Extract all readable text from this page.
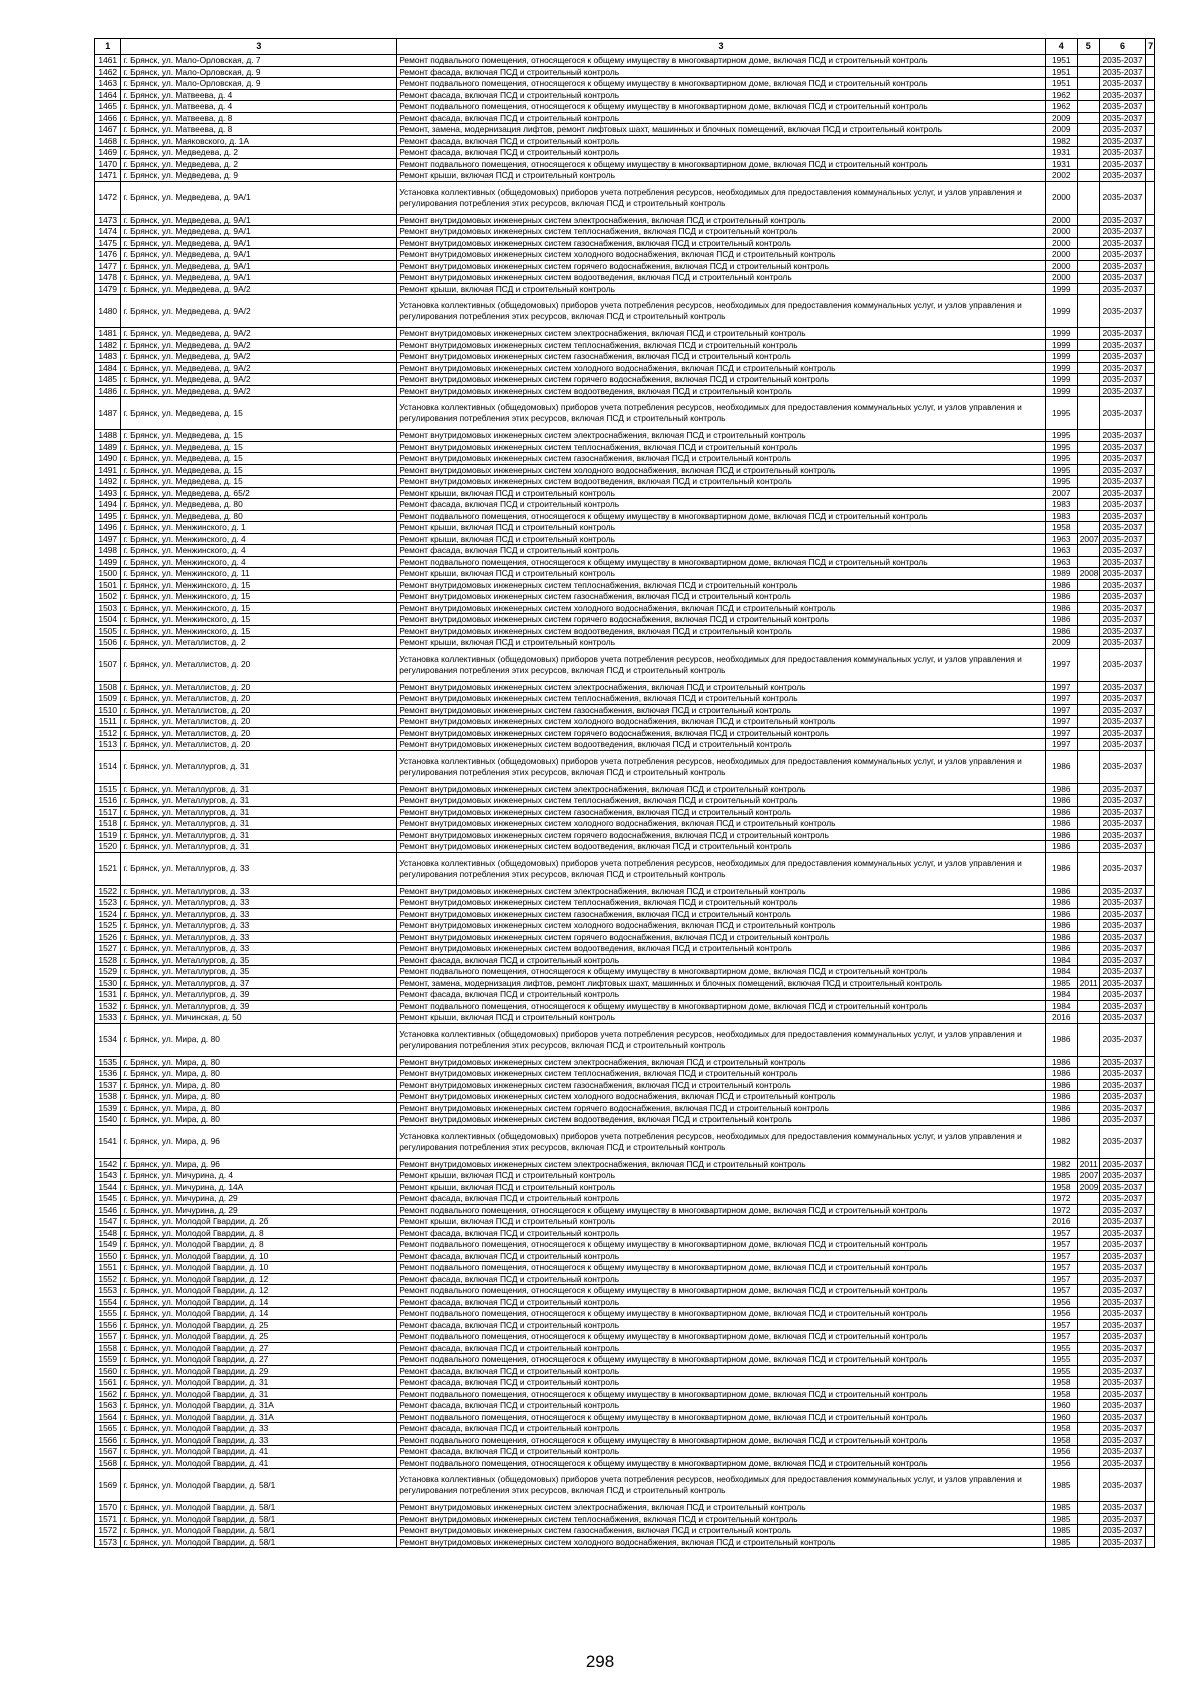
1	3	3	4	5	6	7
1461	г. Брянск, ул. Мало-Орловская, д. 7	Ремонт подвального помещения, относящегося к общему имуществу в многоквартирном доме, включая ПСД и строительный контроль	1951		2035-2037	
1462	г. Брянск, ул. Мало-Орловская, д. 9	Ремонт фасада, включая ПСД и строительный контроль	1951		2035-2037	
1463	г. Брянск, ул. Мало-Орловская, д. 9	Ремонт подвального помещения, относящегося к общему имуществу в многоквартирном доме, включая ПСД и строительный контроль	1951		2035-2037	
1464	г. Брянск, ул. Матвеева, д. 4	Ремонт фасада, включая ПСД и строительный контроль	1962		2035-2037	
1465	г. Брянск, ул. Матвеева, д. 4	Ремонт подвального помещения, относящегося к общему имуществу в многоквартирном доме, включая ПСД и строительный контроль	1962		2035-2037	
1466	г. Брянск, ул. Матвеева, д. 8	Ремонт фасада, включая ПСД и строительный контроль	2009		2035-2037	
1467	г. Брянск, ул. Матвеева, д. 8	Ремонт, замена, модернизация лифтов, ремонт лифтовых шахт, машинных и блочных помещений, включая ПСД и строительный контроль	2009		2035-2037	
1468	г. Брянск, ул. Маяковского, д. 1А	Ремонт фасада, включая ПСД и строительный контроль	1982		2035-2037	
1469	г. Брянск, ул. Медведева, д. 2	Ремонт фасада, включая ПСД и строительный контроль	1931		2035-2037	
1470	г. Брянск, ул. Медведева, д. 2	Ремонт подвального помещения, относящегося к общему имуществу в многоквартирном доме, включая ПСД и строительный контроль	1931		2035-2037	
1471	г. Брянск, ул. Медведева, д. 9	Ремонт крыши, включая ПСД и строительный контроль	2002		2035-2037	
1472	г. Брянск, ул. Медведева, д. 9А/1	Установка коллективных (общедомовых) приборов учета потребления ресурсов, необходимых для предоставления коммунальных услуг, и узлов управления и регулирования потребления этих ресурсов, включая ПСД и строительный контроль	2000		2035-2037	
1473	г. Брянск, ул. Медведева, д. 9А/1	Ремонт внутридомовых инженерных систем электроснабжения, включая ПСД и строительный контроль	2000		2035-2037	
1474	г. Брянск, ул. Медведева, д. 9А/1	Ремонт внутридомовых инженерных систем теплоснабжения, включая ПСД и строительный контроль	2000		2035-2037	
1475	г. Брянск, ул. Медведева, д. 9А/1	Ремонт внутридомовых инженерных систем газоснабжения, включая ПСД и строительный контроль	2000		2035-2037	
1476	г. Брянск, ул. Медведева, д. 9А/1	Ремонт внутридомовых инженерных систем холодного водоснабжения, включая ПСД и строительный контроль	2000		2035-2037	
1477	г. Брянск, ул. Медведева, д. 9А/1	Ремонт внутридомовых инженерных систем горячего водоснабжения, включая ПСД и строительный контроль	2000		2035-2037	
1478	г. Брянск, ул. Медведева, д. 9А/1	Ремонт внутридомовых инженерных систем водоотведения, включая ПСД и строительный контроль	2000		2035-2037	
1479	г. Брянск, ул. Медведева, д. 9А/2	Ремонт крыши, включая ПСД и строительный контроль	1999		2035-2037	
1480	г. Брянск, ул. Медведева, д. 9А/2	Установка коллективных (общедомовых) приборов учета потребления ресурсов, необходимых для предоставления коммунальных услуг, и узлов управления и регулирования потребления этих ресурсов, включая ПСД и строительный контроль	1999		2035-2037	
1481	г. Брянск, ул. Медведева, д. 9А/2	Ремонт внутридомовых инженерных систем электроснабжения, включая ПСД и строительный контроль	1999		2035-2037	
1482	г. Брянск, ул. Медведева, д. 9А/2	Ремонт внутридомовых инженерных систем теплоснабжения, включая ПСД и строительный контроль	1999		2035-2037	
1483	г. Брянск, ул. Медведева, д. 9А/2	Ремонт внутридомовых инженерных систем газоснабжения, включая ПСД и строительный контроль	1999		2035-2037	
1484	г. Брянск, ул. Медведева, д. 9А/2	Ремонт внутридомовых инженерных систем холодного водоснабжения, включая ПСД и строительный контроль	1999		2035-2037	
1485	г. Брянск, ул. Медведева, д. 9А/2	Ремонт внутридомовых инженерных систем горячего водоснабжения, включая ПСД и строительный контроль	1999		2035-2037	
1486	г. Брянск, ул. Медведева, д. 9А/2	Ремонт внутридомовых инженерных систем водоотведения, включая ПСД и строительный контроль	1999		2035-2037	
1487	г. Брянск, ул. Медведева, д. 15	Установка коллективных (общедомовых) приборов учета потребления ресурсов, необходимых для предоставления коммунальных услуг, и узлов управления и регулирования потребления этих ресурсов, включая ПСД и строительный контроль	1995		2035-2037	
1488	г. Брянск, ул. Медведева, д. 15	Ремонт внутридомовых инженерных систем электроснабжения, включая ПСД и строительный контроль	1995		2035-2037	
1489	г. Брянск, ул. Медведева, д. 15	Ремонт внутридомовых инженерных систем теплоснабжения, включая ПСД и строительный контроль	1995		2035-2037	
1490	г. Брянск, ул. Медведева, д. 15	Ремонт внутридомовых инженерных систем газоснабжения, включая ПСД и строительный контроль	1995		2035-2037	
1491	г. Брянск, ул. Медведева, д. 15	Ремонт внутридомовых инженерных систем холодного водоснабжения, включая ПСД и строительный контроль	1995		2035-2037	
1492	г. Брянск, ул. Медведева, д. 15	Ремонт внутридомовых инженерных систем водоотведения, включая ПСД и строительный контроль	1995		2035-2037	
1493	г. Брянск, ул. Медведева, д. 65/2	Ремонт крыши, включая ПСД и строительный контроль	2007		2035-2037	
1494	г. Брянск, ул. Медведева, д. 80	Ремонт фасада, включая ПСД и строительный контроль	1983		2035-2037	
1495	г. Брянск, ул. Медведева, д. 80	Ремонт подвального помещения, относящегося к общему имуществу в многоквартирном доме, включая ПСД и строительный контроль	1983		2035-2037	
1496	г. Брянск, ул. Менжинского, д. 1	Ремонт крыши, включая ПСД и строительный контроль	1958		2035-2037	
1497	г. Брянск, ул. Менжинского, д. 4	Ремонт крыши, включая ПСД и строительный контроль	1963	2007	2035-2037	
1498	г. Брянск, ул. Менжинского, д. 4	Ремонт фасада, включая ПСД и строительный контроль	1963		2035-2037	
1499	г. Брянск, ул. Менжинского, д. 4	Ремонт подвального помещения, относящегося к общему имуществу в многоквартирном доме, включая ПСД и строительный контроль	1963		2035-2037	
1500	г. Брянск, ул. Менжинского, д. 11	Ремонт крыши, включая ПСД и строительный контроль	1989	2008	2035-2037	
1501	г. Брянск, ул. Менжинского, д. 15	Ремонт внутридомовых инженерных систем теплоснабжения, включая ПСД и строительный контроль	1986		2035-2037	
1502	г. Брянск, ул. Менжинского, д. 15	Ремонт внутридомовых инженерных систем газоснабжения, включая ПСД и строительный контроль	1986		2035-2037	
1503	г. Брянск, ул. Менжинского, д. 15	Ремонт внутридомовых инженерных систем холодного водоснабжения, включая ПСД и строительный контроль	1986		2035-2037	
1504	г. Брянск, ул. Менжинского, д. 15	Ремонт внутридомовых инженерных систем горячего водоснабжения, включая ПСД и строительный контроль	1986		2035-2037	
1505	г. Брянск, ул. Менжинского, д. 15	Ремонт внутридомовых инженерных систем водоотведения, включая ПСД и строительный контроль	1986		2035-2037	
1506	г. Брянск, ул. Металлистов, д. 2	Ремонт крыши, включая ПСД и строительный контроль	2009		2035-2037	
1507	г. Брянск, ул. Металлистов, д. 20	Установка коллективных (общедомовых) приборов учета потребления ресурсов, необходимых для предоставления коммунальных услуг, и узлов управления и регулирования потребления этих ресурсов, включая ПСД и строительный контроль	1997		2035-2037	
1508	г. Брянск, ул. Металлистов, д. 20	Ремонт внутридомовых инженерных систем электроснабжения, включая ПСД и строительный контроль	1997		2035-2037	
1509	г. Брянск, ул. Металлистов, д. 20	Ремонт внутридомовых инженерных систем теплоснабжения, включая ПСД и строительный контроль	1997		2035-2037	
1510	г. Брянск, ул. Металлистов, д. 20	Ремонт внутридомовых инженерных систем газоснабжения, включая ПСД и строительный контроль	1997		2035-2037	
1511	г. Брянск, ул. Металлистов, д. 20	Ремонт внутридомовых инженерных систем холодного водоснабжения, включая ПСД и строительный контроль	1997		2035-2037	
1512	г. Брянск, ул. Металлистов, д. 20	Ремонт внутридомовых инженерных систем горячего водоснабжения, включая ПСД и строительный контроль	1997		2035-2037	
1513	г. Брянск, ул. Металлистов, д. 20	Ремонт внутридомовых инженерных систем водоотведения, включая ПСД и строительный контроль	1997		2035-2037	
1514	г. Брянск, ул. Металлургов, д. 31	Установка коллективных (общедомовых) приборов учета потребления ресурсов, необходимых для предоставления коммунальных услуг, и узлов управления и регулирования потребления этих ресурсов, включая ПСД и строительный контроль	1986		2035-2037	
1515	г. Брянск, ул. Металлургов, д. 31	Ремонт внутридомовых инженерных систем электроснабжения, включая ПСД и строительный контроль	1986		2035-2037	
1516	г. Брянск, ул. Металлургов, д. 31	Ремонт внутридомовых инженерных систем теплоснабжения, включая ПСД и строительный контроль	1986		2035-2037	
1517	г. Брянск, ул. Металлургов, д. 31	Ремонт внутридомовых инженерных систем газоснабжения, включая ПСД и строительный контроль	1986		2035-2037	
1518	г. Брянск, ул. Металлургов, д. 31	Ремонт внутридомовых инженерных систем холодного водоснабжения, включая ПСД и строительный контроль	1986		2035-2037	
1519	г. Брянск, ул. Металлургов, д. 31	Ремонт внутридомовых инженерных систем горячего водоснабжения, включая ПСД и строительный контроль	1986		2035-2037	
1520	г. Брянск, ул. Металлургов, д. 31	Ремонт внутридомовых инженерных систем водоотведения, включая ПСД и строительный контроль	1986		2035-2037	
1521	г. Брянск, ул. Металлургов, д. 33	Установка коллективных (общедомовых) приборов учета потребления ресурсов, необходимых для предоставления коммунальных услуг, и узлов управления и регулирования потребления этих ресурсов, включая ПСД и строительный контроль	1986		2035-2037	
1522	г. Брянск, ул. Металлургов, д. 33	Ремонт внутридомовых инженерных систем электроснабжения, включая ПСД и строительный контроль	1986		2035-2037	
1523	г. Брянск, ул. Металлургов, д. 33	Ремонт внутридомовых инженерных систем теплоснабжения, включая ПСД и строительный контроль	1986		2035-2037	
1524	г. Брянск, ул. Металлургов, д. 33	Ремонт внутридомовых инженерных систем газоснабжения, включая ПСД и строительный контроль	1986		2035-2037	
1525	г. Брянск, ул. Металлургов, д. 33	Ремонт внутридомовых инженерных систем холодного водоснабжения, включая ПСД и строительный контроль	1986		2035-2037	
1526	г. Брянск, ул. Металлургов, д. 33	Ремонт внутридомовых инженерных систем горячего водоснабжения, включая ПСД и строительный контроль	1986		2035-2037	
1527	г. Брянск, ул. Металлургов, д. 33	Ремонт внутридомовых инженерных систем водоотведения, включая ПСД и строительный контроль	1986		2035-2037	
1528	г. Брянск, ул. Металлургов, д. 35	Ремонт фасада, включая ПСД и строительный контроль	1984		2035-2037	
1529	г. Брянск, ул. Металлургов, д. 35	Ремонт подвального помещения, относящегося к общему имуществу в многоквартирном доме, включая ПСД и строительный контроль	1984		2035-2037	
1530	г. Брянск, ул. Металлургов, д. 37	Ремонт, замена, модернизация лифтов, ремонт лифтовых шахт, машинных и блочных помещений, включая ПСД и строительный контроль	1985	2011	2035-2037	
1531	г. Брянск, ул. Металлургов, д. 39	Ремонт фасада, включая ПСД и строительный контроль	1984		2035-2037	
1532	г. Брянск, ул. Металлургов, д. 39	Ремонт подвального помещения, относящегося к общему имуществу в многоквартирном доме, включая ПСД и строительный контроль	1984		2035-2037	
1533	г. Брянск, ул. Мичинская, д. 50	Ремонт крыши, включая ПСД и строительный контроль	2016		2035-2037	
1534	г. Брянск, ул. Мира, д. 80	Установка коллективных (общедомовых) приборов учета потребления ресурсов, необходимых для предоставления коммунальных услуг, и узлов управления и регулирования потребления этих ресурсов, включая ПСД и строительный контроль	1986		2035-2037	
1535	г. Брянск, ул. Мира, д. 80	Ремонт внутридомовых инженерных систем электроснабжения, включая ПСД и строительный контроль	1986		2035-2037	
1536	г. Брянск, ул. Мира, д. 80	Ремонт внутридомовых инженерных систем теплоснабжения, включая ПСД и строительный контроль	1986		2035-2037	
1537	г. Брянск, ул. Мира, д. 80	Ремонт внутридомовых инженерных систем газоснабжения, включая ПСД и строительный контроль	1986		2035-2037	
1538	г. Брянск, ул. Мира, д. 80	Ремонт внутридомовых инженерных систем холодного водоснабжения, включая ПСД и строительный контроль	1986		2035-2037	
1539	г. Брянск, ул. Мира, д. 80	Ремонт внутридомовых инженерных систем горячего водоснабжения, включая ПСД и строительный контроль	1986		2035-2037	
1540	г. Брянск, ул. Мира, д. 80	Ремонт внутридомовых инженерных систем водоотведения, включая ПСД и строительный контроль	1986		2035-2037	
1541	г. Брянск, ул. Мира, д. 96	Установка коллективных (общедомовых) приборов учета потребления ресурсов, необходимых для предоставления коммунальных услуг, и узлов управления и регулирования потребления этих ресурсов, включая ПСД и строительный контроль	1982		2035-2037	
1542	г. Брянск, ул. Мира, д. 96	Ремонт внутридомовых инженерных систем электроснабжения, включая ПСД и строительный контроль	1982	2011	2035-2037	
1543	г. Брянск, ул. Мичурина, д. 4	Ремонт крыши, включая ПСД и строительный контроль	1985	2007	2035-2037	
1544	г. Брянск, ул. Мичурина, д. 14А	Ремонт крыши, включая ПСД и строительный контроль	1958	2009	2035-2037	
1545	г. Брянск, ул. Мичурина, д. 29	Ремонт фасада, включая ПСД и строительный контроль	1972		2035-2037	
1546	г. Брянск, ул. Мичурина, д. 29	Ремонт подвального помещения, относящегося к общему имуществу в многоквартирном доме, включая ПСД и строительный контроль	1972		2035-2037	
1547	г. Брянск, ул. Молодой Гвардии, д. 2б	Ремонт крыши, включая ПСД и строительный контроль	2016		2035-2037	
1548	г. Брянск, ул. Молодой Гвардии, д. 8	Ремонт фасада, включая ПСД и строительный контроль	1957		2035-2037	
1549	г. Брянск, ул. Молодой Гвардии, д. 8	Ремонт подвального помещения, относящегося к общему имуществу в многоквартирном доме, включая ПСД и строительный контроль	1957		2035-2037	
1550	г. Брянск, ул. Молодой Гвардии, д. 10	Ремонт фасада, включая ПСД и строительный контроль	1957		2035-2037	
1551	г. Брянск, ул. Молодой Гвардии, д. 10	Ремонт подвального помещения, относящегося к общему имуществу в многоквартирном доме, включая ПСД и строительный контроль	1957		2035-2037	
1552	г. Брянск, ул. Молодой Гвардии, д. 12	Ремонт фасада, включая ПСД и строительный контроль	1957		2035-2037	
1553	г. Брянск, ул. Молодой Гвардии, д. 12	Ремонт подвального помещения, относящегося к общему имуществу в многоквартирном доме, включая ПСД и строительный контроль	1957		2035-2037	
1554	г. Брянск, ул. Молодой Гвардии, д. 14	Ремонт фасада, включая ПСД и строительный контроль	1956		2035-2037	
1555	г. Брянск, ул. Молодой Гвардии, д. 14	Ремонт подвального помещения, относящегося к общему имуществу в многоквартирном доме, включая ПСД и строительный контроль	1956		2035-2037	
1556	г. Брянск, ул. Молодой Гвардии, д. 25	Ремонт фасада, включая ПСД и строительный контроль	1957		2035-2037	
1557	г. Брянск, ул. Молодой Гвардии, д. 25	Ремонт подвального помещения, относящегося к общему имуществу в многоквартирном доме, включая ПСД и строительный контроль	1957		2035-2037	
1558	г. Брянск, ул. Молодой Гвардии, д. 27	Ремонт фасада, включая ПСД и строительный контроль	1955		2035-2037	
1559	г. Брянск, ул. Молодой Гвардии, д. 27	Ремонт подвального помещения, относящегося к общему имуществу в многоквартирном доме, включая ПСД и строительный контроль	1955		2035-2037	
1560	г. Брянск, ул. Молодой Гвардии, д. 29	Ремонт фасада, включая ПСД и строительный контроль	1955		2035-2037	
1561	г. Брянск, ул. Молодой Гвардии, д. 31	Ремонт фасада, включая ПСД и строительный контроль	1958		2035-2037	
1562	г. Брянск, ул. Молодой Гвардии, д. 31	Ремонт подвального помещения, относящегося к общему имуществу в многоквартирном доме, включая ПСД и строительный контроль	1958		2035-2037	
1563	г. Брянск, ул. Молодой Гвардии, д. 31А	Ремонт фасада, включая ПСД и строительный контроль	1960		2035-2037	
1564	г. Брянск, ул. Молодой Гвардии, д. 31А	Ремонт подвального помещения, относящегося к общему имуществу в многоквартирном доме, включая ПСД и строительный контроль	1960		2035-2037	
1565	г. Брянск, ул. Молодой Гвардии, д. 33	Ремонт фасада, включая ПСД и строительный контроль	1958		2035-2037	
1566	г. Брянск, ул. Молодой Гвардии, д. 33	Ремонт подвального помещения, относящегося к общему имуществу в многоквартирном доме, включая ПСД и строительный контроль	1958		2035-2037	
1567	г. Брянск, ул. Молодой Гвардии, д. 41	Ремонт фасада, включая ПСД и строительный контроль	1956		2035-2037	
1568	г. Брянск, ул. Молодой Гвардии, д. 41	Ремонт подвального помещения, относящегося к общему имуществу в многоквартирном доме, включая ПСД и строительный контроль	1956		2035-2037	
1569	г. Брянск, ул. Молодой Гвардии, д. 58/1	Установка коллективных (общедомовых) приборов учета потребления ресурсов, необходимых для предоставления коммунальных услуг, и узлов управления и регулирования потребления этих ресурсов, включая ПСД и строительный контроль	1985		2035-2037	
1570	г. Брянск, ул. Молодой Гвардии, д. 58/1	Ремонт внутридомовых инженерных систем электроснабжения, включая ПСД и строительный контроль	1985		2035-2037	
1571	г. Брянск, ул. Молодой Гвардии, д. 58/1	Ремонт внутридомовых инженерных систем теплоснабжения, включая ПСД и строительный контроль	1985		2035-2037	
1572	г. Брянск, ул. Молодой Гвардии, д. 58/1	Ремонт внутридомовых инженерных систем газоснабжения, включая ПСД и строительный контроль	1985		2035-2037	
1573	г. Брянск, ул. Молодой Гвардии, д. 58/1	Ремонт внутридомовых инженерных систем холодного водоснабжения, включая ПСД и строительный контроль	1985		2035-2037	
298
